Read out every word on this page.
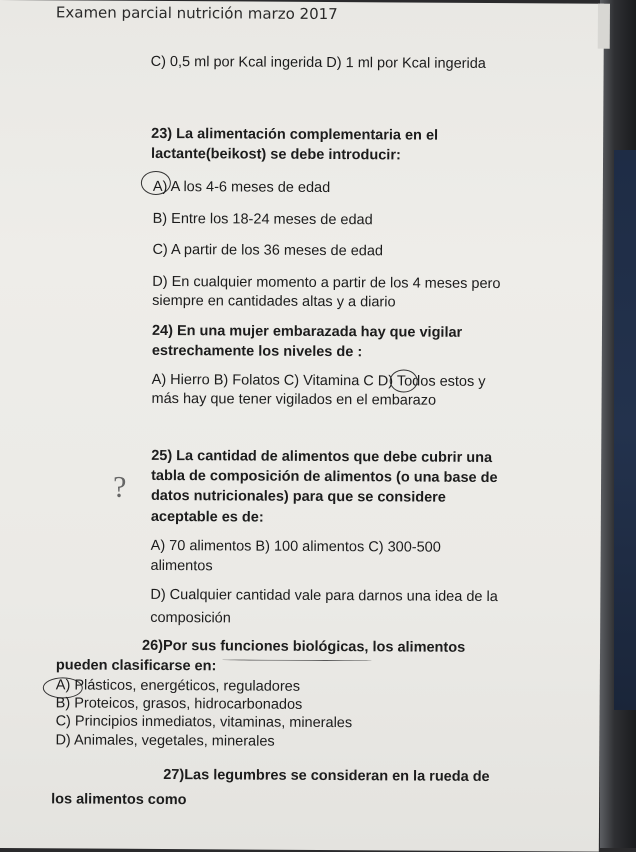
Examen parcial nutrición marzo 2017
C) 0,5 ml por Kcal ingerida D) 1 ml por Kcal ingerida
23) La alimentación complementaria en el
lactante(beikost) se debe introducir:
A) A los 4-6 meses de edad
B) Entre los 18-24 meses de edad
C) A partir de los 36 meses de edad
D) En cualquier momento a partir de los 4 meses pero
siempre en cantidades altas y a diario
24) En una mujer embarazada hay que vigilar
estrechamente los niveles de :
A) Hierro B) Folatos C) Vitamina C D) Todos estos y
más hay que tener vigilados en el embarazo
25) La cantidad de alimentos que debe cubrir una
tabla de composición de alimentos (o una base de
datos nutricionales) para que se considere
aceptable es de:
?
A) 70 alimentos B) 100 alimentos C) 300-500
alimentos
D) Cualquier cantidad vale para darnos una idea de la
composición
26)Por sus funciones biológicas, los alimentos
pueden clasificarse en:
A) Plásticos, energéticos, reguladores
B) Proteicos, grasos, hidrocarbonados
C) Principios inmediatos, vitaminas, minerales
D) Animales, vegetales, minerales
27)Las legumbres se consideran en la rueda de
los alimentos como
